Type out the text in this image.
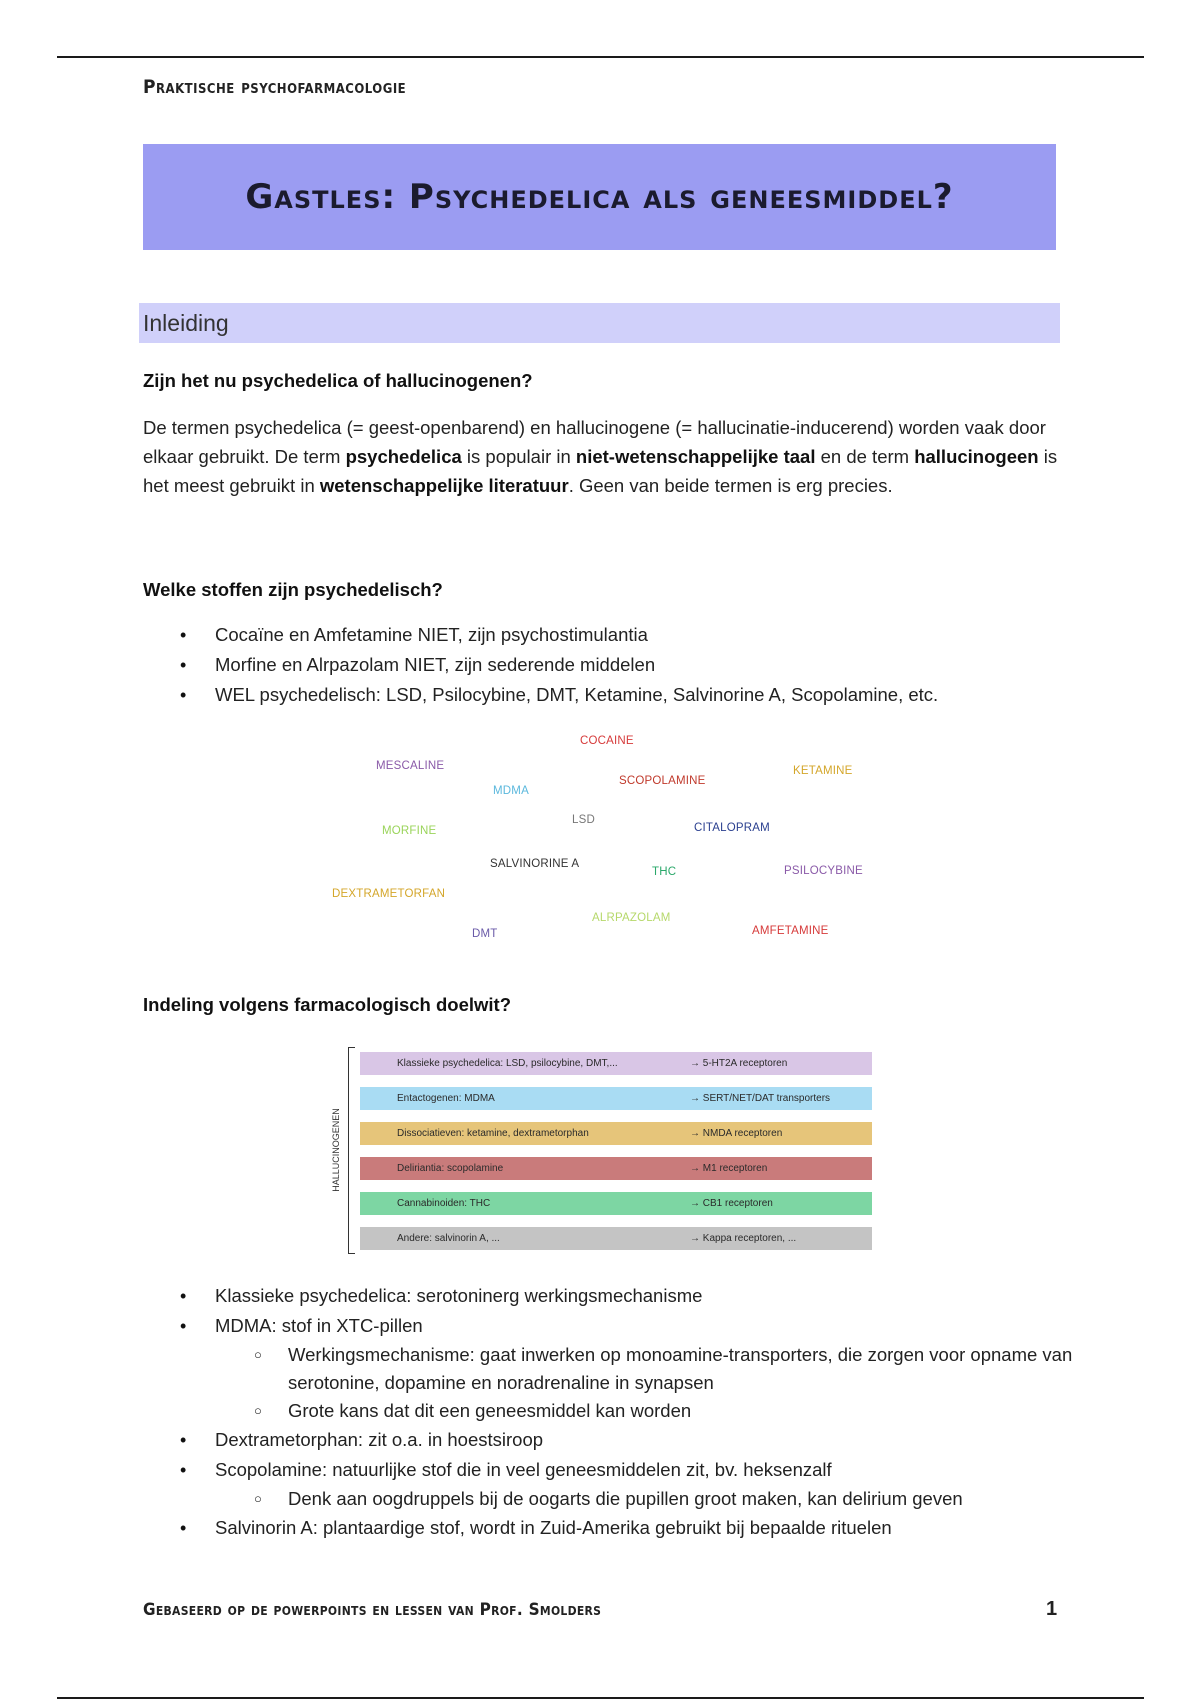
Praktische psychofarmacologie
Gastles: Psychedelica als geneesmiddel?
Inleiding
Zijn het nu psychedelica of hallucinogenen?
De termen psychedelica (= geest-openbarend) en hallucinogene (= hallucinatie-inducerend) worden vaak door elkaar gebruikt. De term psychedelica is populair in niet-wetenschappelijke taal en de term hallucinogeen is het meest gebruikt in wetenschappelijke literatuur. Geen van beide termen is erg precies.
Welke stoffen zijn psychedelisch?
• Cocaïne en Amfetamine NIET, zijn psychostimulantia
• Morfine en Alrpazolam NIET, zijn sederende middelen
• WEL psychedelisch: LSD, Psilocybine, DMT, Ketamine, Salvinorine A, Scopolamine, etc.
COCAINE
MESCALINE
SCOPOLAMINE
KETAMINE
MDMA
LSD
MORFINE	CITALOPRAM
SALVINORINE A
THC	PSILOCYBINE
DEXTRAMETORFAN
ALRPAZOLAM
DMT	AMFETAMINE
Indeling volgens farmacologisch doelwit?
HALLUCINOGENEN
Klassieke psychedelica: LSD, psilocybine, DMT,...	→ 5-HT2A receptoren
Entactogenen: MDMA	→ SERT/NET/DAT transporters
Dissociatieven: ketamine, dextrametorphan	→ NMDA receptoren
Deliriantia: scopolamine	→ M1 receptoren
Cannabinoiden: THC	→ CB1 receptoren
Andere: salvinorin A, ...	→ Kappa receptoren, ...
• Klassieke psychedelica: serotoninerg werkingsmechanisme
• MDMA: stof in XTC-pillen
○ Werkingsmechanisme: gaat inwerken op monoamine-transporters, die zorgen voor opname van serotonine, dopamine en noradrenaline in synapsen
○ Grote kans dat dit een geneesmiddel kan worden
• Dextrametorphan: zit o.a. in hoestsiroop
• Scopolamine: natuurlijke stof die in veel geneesmiddelen zit, bv. heksenzalf
○ Denk aan oogdruppels bij de oogarts die pupillen groot maken, kan delirium geven
• Salvinorin A: plantaardige stof, wordt in Zuid-Amerika gebruikt bij bepaalde rituelen
Gebaseerd op de powerpoints en lessen van Prof. Smolders	1
